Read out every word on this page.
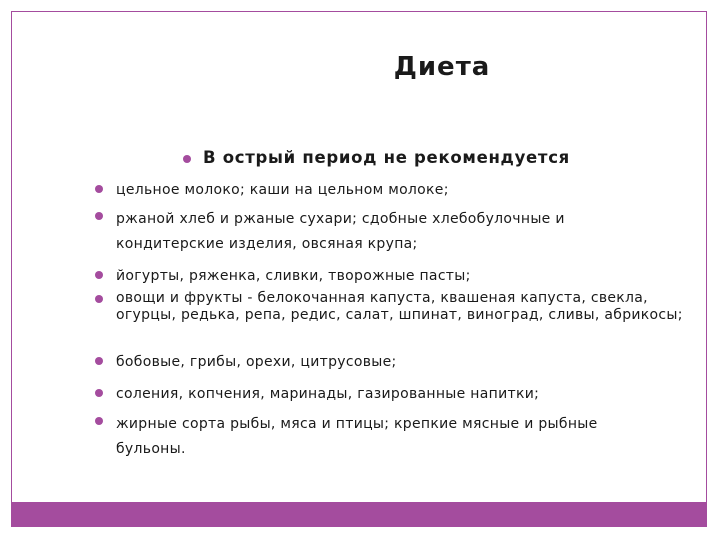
Диета
В острый период не рекомендуется
цельное молоко; каши на цельном молоке;
ржаной хлеб и ржаные сухари; сдобные хлебобулочные и кондитерские изделия, овсяная крупа;
йогурты, ряженка, сливки, творожные пасты;
овощи и фрукты - белокочанная капуста, квашеная капуста, свекла, огурцы, редька, репа, редис, салат, шпинат, виноград, сливы, абрикосы;
бобовые, грибы, орехи, цитрусовые;
соления, копчения, маринады, газированные напитки;
жирные сорта рыбы, мяса и птицы; крепкие мясные и рыбные бульоны.
